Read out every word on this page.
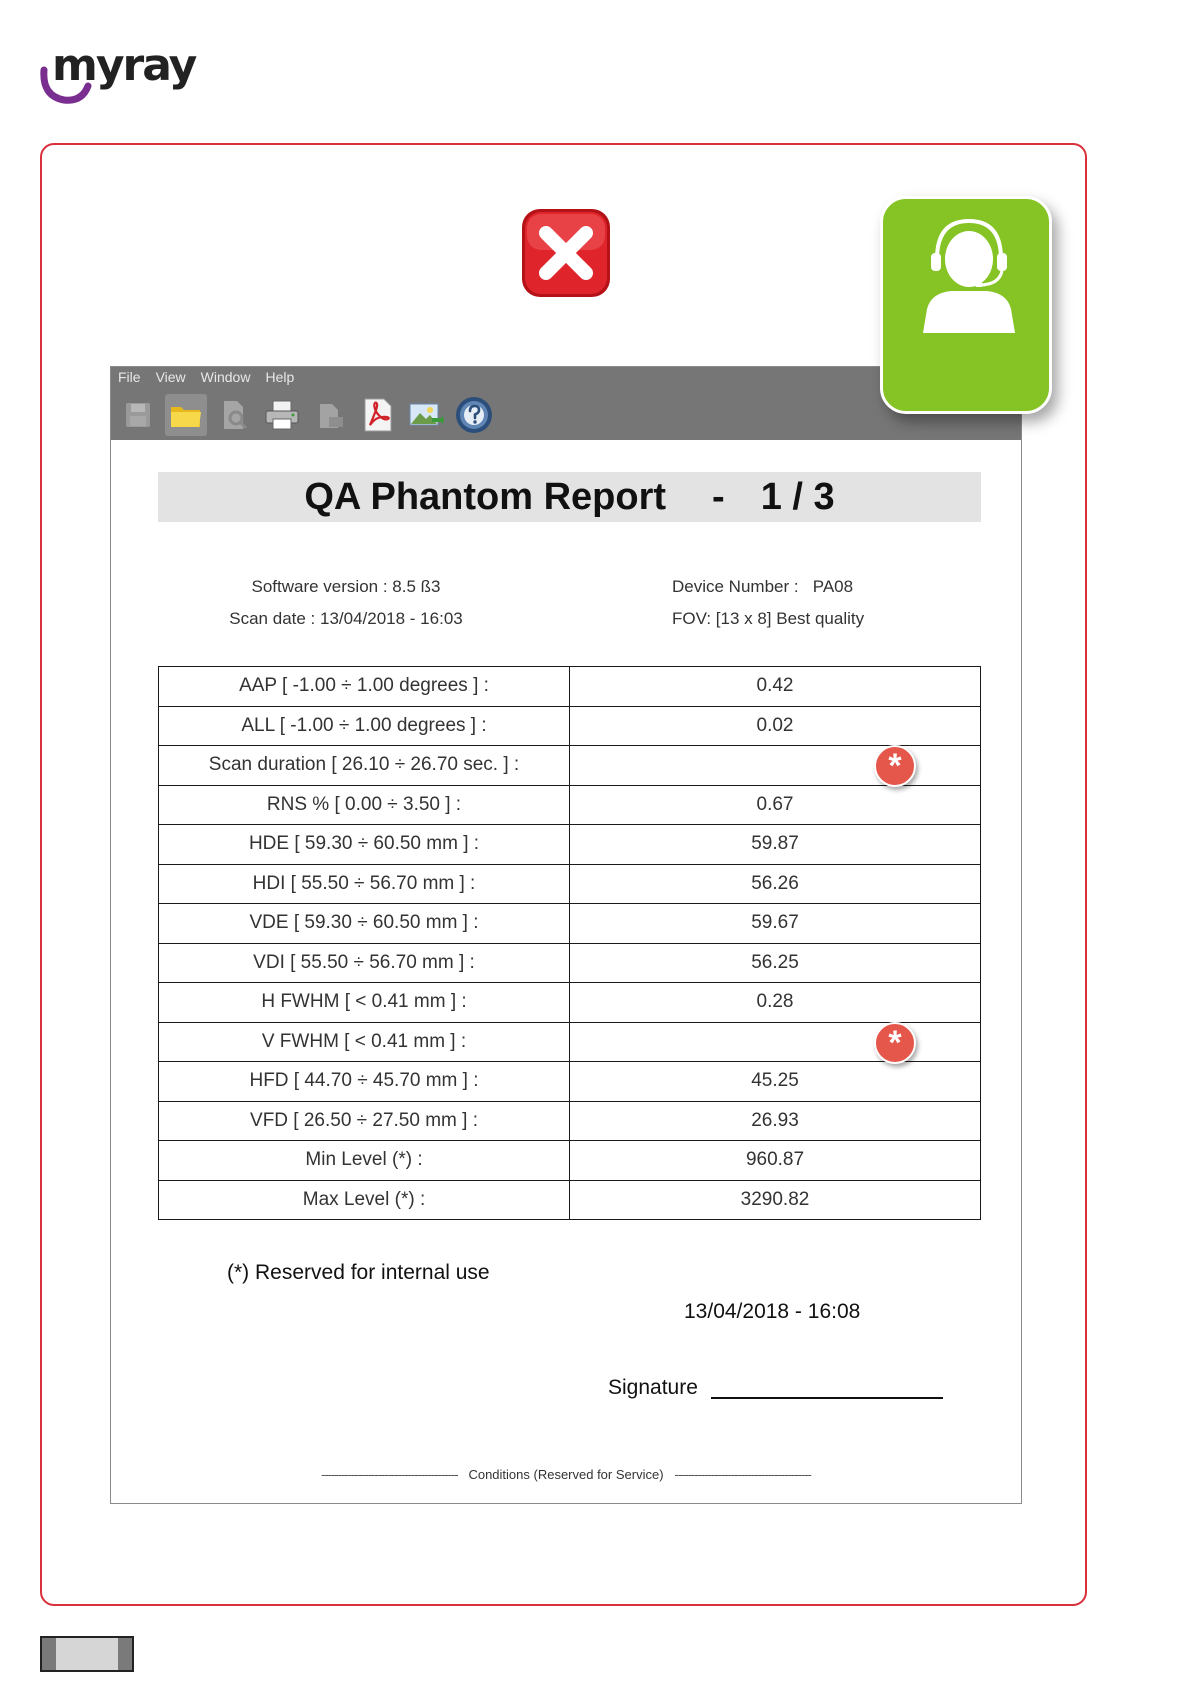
myray
File	View	Window	Help
QA Phantom Report - 1 / 3
Software version : 8.5 ß3
Scan date : 13/04/2018 - 16:03
Device Number :   PA08
FOV: [13 x 8] Best quality
AAP [ -1.00 ÷ 1.00 degrees ] :	0.42
ALL [ -1.00 ÷ 1.00 degrees ] :	0.02
Scan duration [ 26.10 ÷ 26.70 sec. ] :	*

RNS % [ 0.00 ÷ 3.50 ] :	0.67
HDE [ 59.30 ÷ 60.50 mm ] :	59.87
HDI [ 55.50 ÷ 56.70 mm ] :	56.26
VDE [ 59.30 ÷ 60.50 mm ] :	59.67
VDI [ 55.50 ÷ 56.70 mm ] :	56.25
H FWHM [ < 0.41 mm ] :	0.28
V FWHM [ < 0.41 mm ] :	*

HFD [ 44.70 ÷ 45.70 mm ] :	45.25
VFD [ 26.50 ÷ 27.50 mm ] :	26.93
Min Level (*) :	960.87
Max Level (*) :	3290.82
(*) Reserved for internal use
13/04/2018 - 16:08
Signature
----------------------------------------- Conditions (Reserved for Service) -----------------------------------------
